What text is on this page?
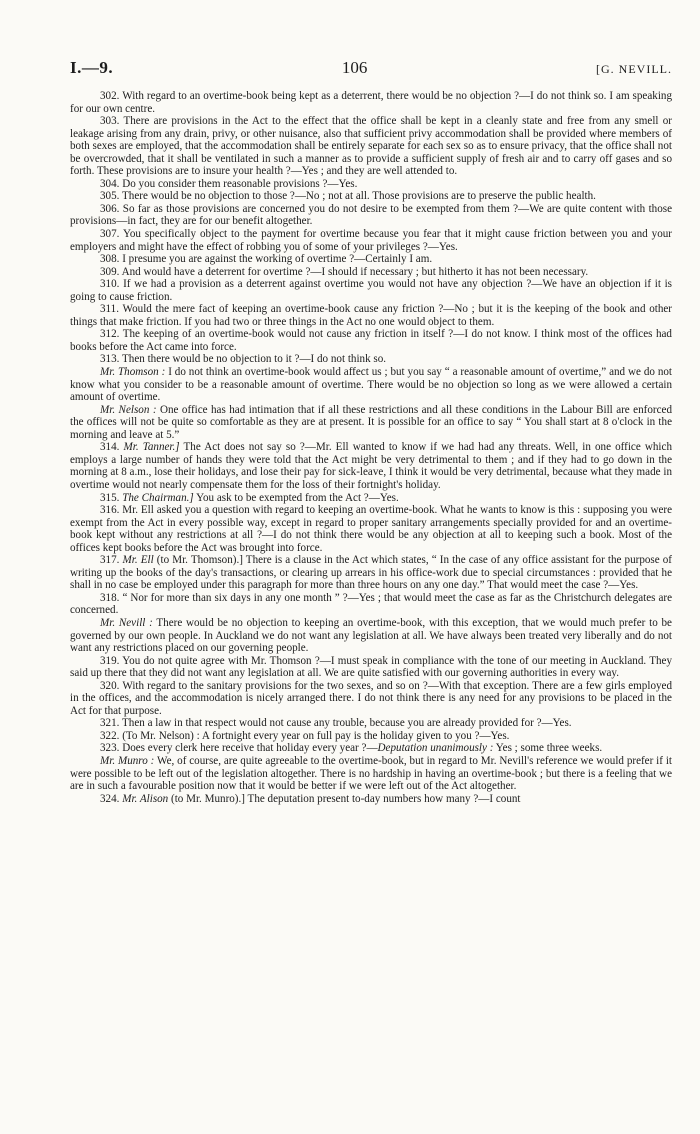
I.—9.	106	[G. NEVILL.

302. With regard to an overtime-book being kept as a deterrent, there would be no objection ?—I do not think so. I am speaking for our own centre.

303. There are provisions in the Act to the effect that the office shall be kept in a cleanly state and free from any smell or leakage arising from any drain, privy, or other nuisance, also that sufficient privy accommodation shall be provided where members of both sexes are employed, that the accommodation shall be entirely separate for each sex so as to ensure privacy, that the office shall not be overcrowded, that it shall be ventilated in such a manner as to provide a sufficient supply of fresh air and to carry off gases and so forth. These provisions are to insure your health ?—Yes ; and they are well attended to.

304. Do you consider them reasonable provisions ?—Yes.

305. There would be no objection to those ?—No ; not at all. Those provisions are to preserve the public health.

306. So far as those provisions are concerned you do not desire to be exempted from them ?—We are quite content with those provisions—in fact, they are for our benefit altogether.

307. You specifically object to the payment for overtime because you fear that it might cause friction between you and your employers and might have the effect of robbing you of some of your privileges ?—Yes.

308. I presume you are against the working of overtime ?—Certainly I am.

309. And would have a deterrent for overtime ?—I should if necessary ; but hitherto it has not been necessary.

310. If we had a provision as a deterrent against overtime you would not have any objection ?—We have an objection if it is going to cause friction.

311. Would the mere fact of keeping an overtime-book cause any friction ?—No ; but it is the keeping of the book and other things that make friction. If you had two or three things in the Act no one would object to them.

312. The keeping of an overtime-book would not cause any friction in itself ?—I do not know. I think most of the offices had books before the Act came into force.

313. Then there would be no objection to it ?—I do not think so.

Mr. Thomson : I do not think an overtime-book would affect us ; but you say “ a reasonable amount of overtime,” and we do not know what you consider to be a reasonable amount of overtime. There would be no objection so long as we were allowed a certain amount of overtime.

Mr. Nelson : One office has had intimation that if all these restrictions and all these conditions in the Labour Bill are enforced the offices will not be quite so comfortable as they are at present. It is possible for an office to say “ You shall start at 8 o'clock in the morning and leave at 5.”

314. Mr. Tanner.] The Act does not say so ?—Mr. Ell wanted to know if we had had any threats. Well, in one office which employs a large number of hands they were told that the Act might be very detrimental to them ; and if they had to go down in the morning at 8 a.m., lose their holidays, and lose their pay for sick-leave, I think it would be very detrimental, because what they made in overtime would not nearly compensate them for the loss of their fortnight's holiday.

315. The Chairman.] You ask to be exempted from the Act ?—Yes.

316. Mr. Ell asked you a question with regard to keeping an overtime-book. What he wants to know is this : supposing you were exempt from the Act in every possible way, except in regard to proper sanitary arrangements specially provided for and an overtime-book kept without any restrictions at all ?—I do not think there would be any objection at all to keeping such a book. Most of the offices kept books before the Act was brought into force.

317. Mr. Ell (to Mr. Thomson).] There is a clause in the Act which states, “ In the case of any office assistant for the purpose of writing up the books of the day's transactions, or clearing up arrears in his office-work due to special circumstances : provided that he shall in no case be employed under this paragraph for more than three hours on any one day.” That would meet the case ?—Yes.

318. “ Nor for more than six days in any one month ” ?—Yes ; that would meet the case as far as the Christchurch delegates are concerned.

Mr. Nevill : There would be no objection to keeping an overtime-book, with this exception, that we would much prefer to be governed by our own people. In Auckland we do not want any legislation at all. We have always been treated very liberally and do not want any restrictions placed on our governing people.

319. You do not quite agree with Mr. Thomson ?—I must speak in compliance with the tone of our meeting in Auckland. They said up there that they did not want any legislation at all. We are quite satisfied with our governing authorities in every way.

320. With regard to the sanitary provisions for the two sexes, and so on ?—With that exception. There are a few girls employed in the offices, and the accommodation is nicely arranged there. I do not think there is any need for any provisions to be placed in the Act for that purpose.

321. Then a law in that respect would not cause any trouble, because you are already provided for ?—Yes.

322. (To Mr. Nelson) : A fortnight every year on full pay is the holiday given to you ?—Yes.

323. Does every clerk here receive that holiday every year ?—Deputation unanimously : Yes ; some three weeks.

Mr. Munro : We, of course, are quite agreeable to the overtime-book, but in regard to Mr. Nevill's reference we would prefer if it were possible to be left out of the legislation altogether. There is no hardship in having an overtime-book ; but there is a feeling that we are in such a favourable position now that it would be better if we were left out of the Act altogether.

324. Mr. Alison (to Mr. Munro).] The deputation present to-day numbers how many ?—I count
